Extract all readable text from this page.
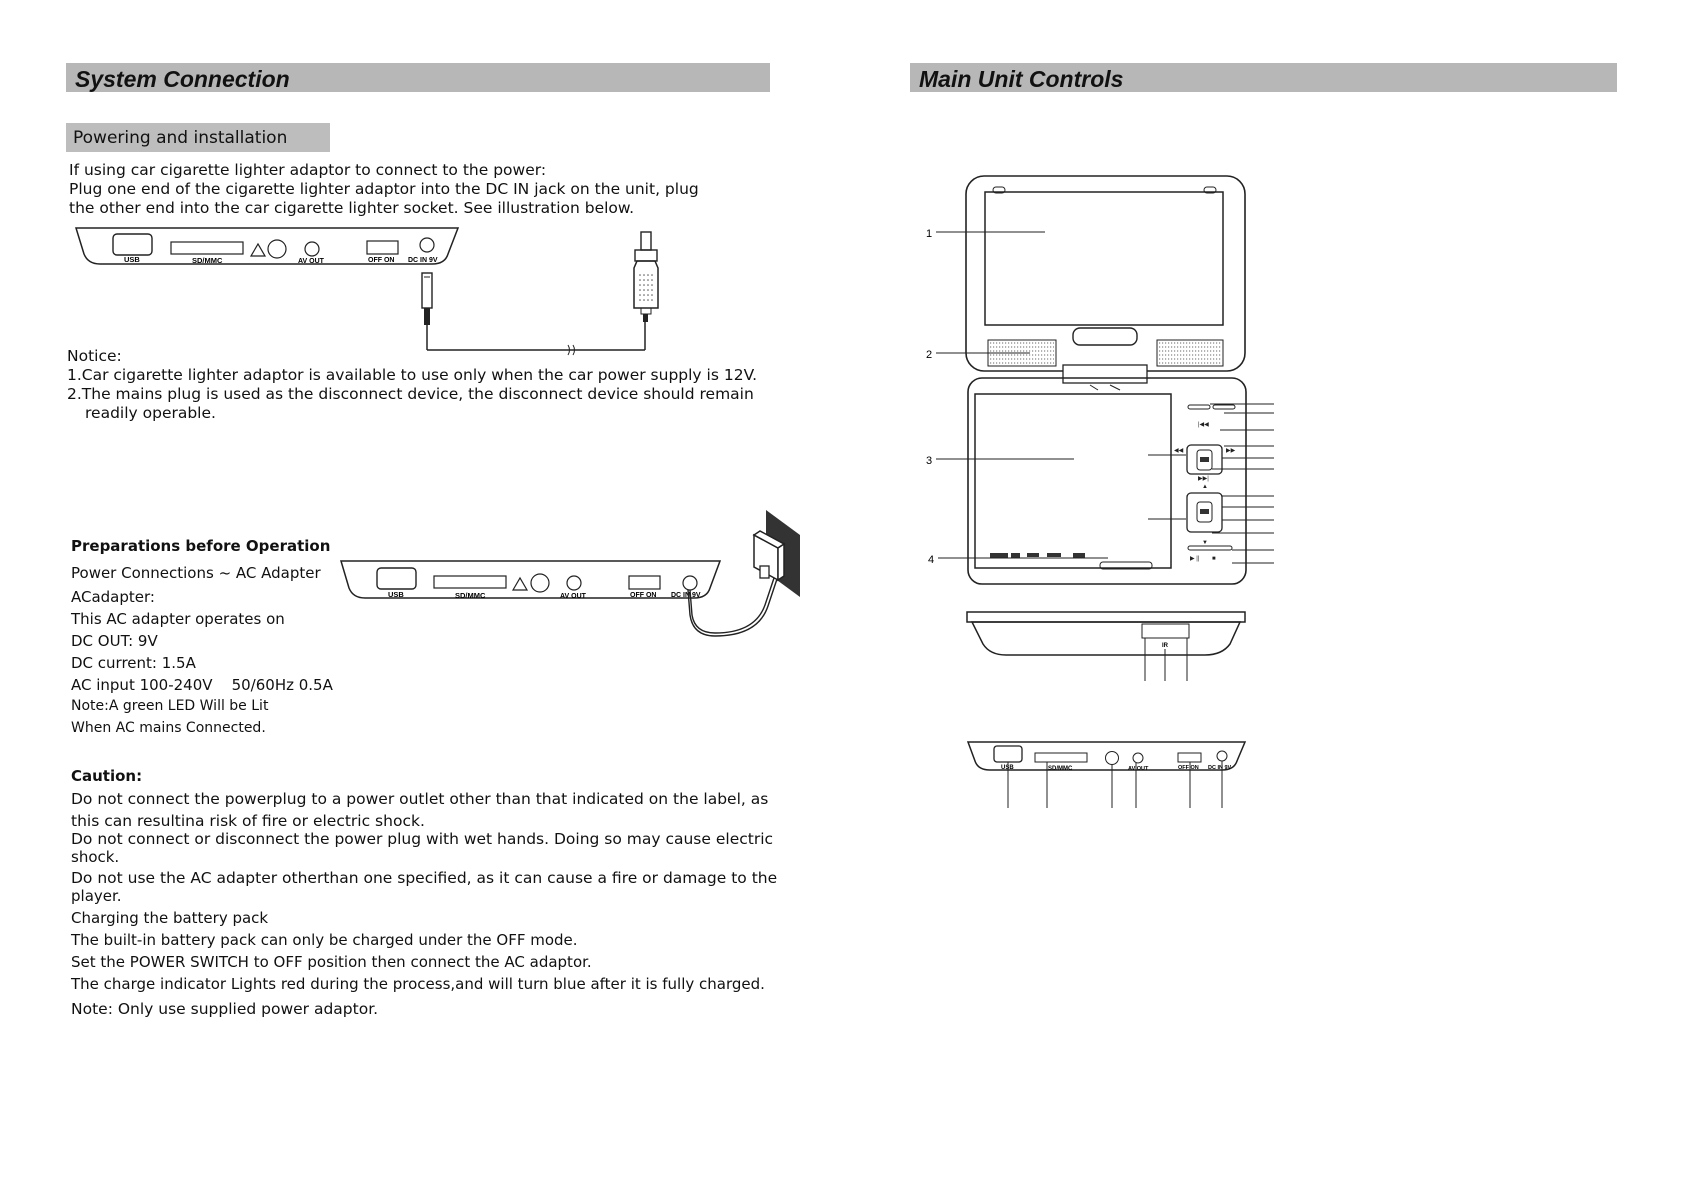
System Connection
Powering and installation
If using car cigarette lighter adaptor to connect to the power:
Plug one end of the cigarette lighter adaptor into the DC IN jack on the unit, plug
the other end into the car cigarette lighter socket. See illustration below.
USB	SD/MMC	AV OUT	OFF ON DC IN 9V
Notice:
1.Car cigarette lighter adaptor is available to use only when the car power supply is 12V.
2.The mains plug is used as the disconnect device, the disconnect device should remain
readily operable.
Preparations before Operation
Power Connections ~ AC Adapter
ACadapter:
This AC adapter operates on
DC OUT: 9V
DC current: 1.5A
AC input 100-240V    50/60Hz 0.5A
Note:A green LED Will be Lit
When AC mains Connected.
USB	SD/MMC	AV OUT	OFF ON DC IN 9V
Caution:
Do not connect the powerplug to a power outlet other than that indicated on the label, as
this can resultina risk of fire or electric shock.
Do not connect or disconnect the power plug with wet hands. Doing so may cause electric
shock.
Do not use the AC adapter otherthan one specified, as it can cause a fire or damage to the
player.
Charging the battery pack
The built-in battery pack can only be charged under the OFF mode.
Set the POWER SWITCH to OFF position then connect the AC adaptor.
The charge indicator Lights red during the process,and will turn blue after it is fully charged.
Note: Only use supplied power adaptor.
Main Unit Controls
|◀◀
▶▶|
◀◀	▶▶
▲
▼
▶ || ■
1
2
3
4
IR
USB	SD/MMC	AV OUT	OFF ON DC IN 9V
